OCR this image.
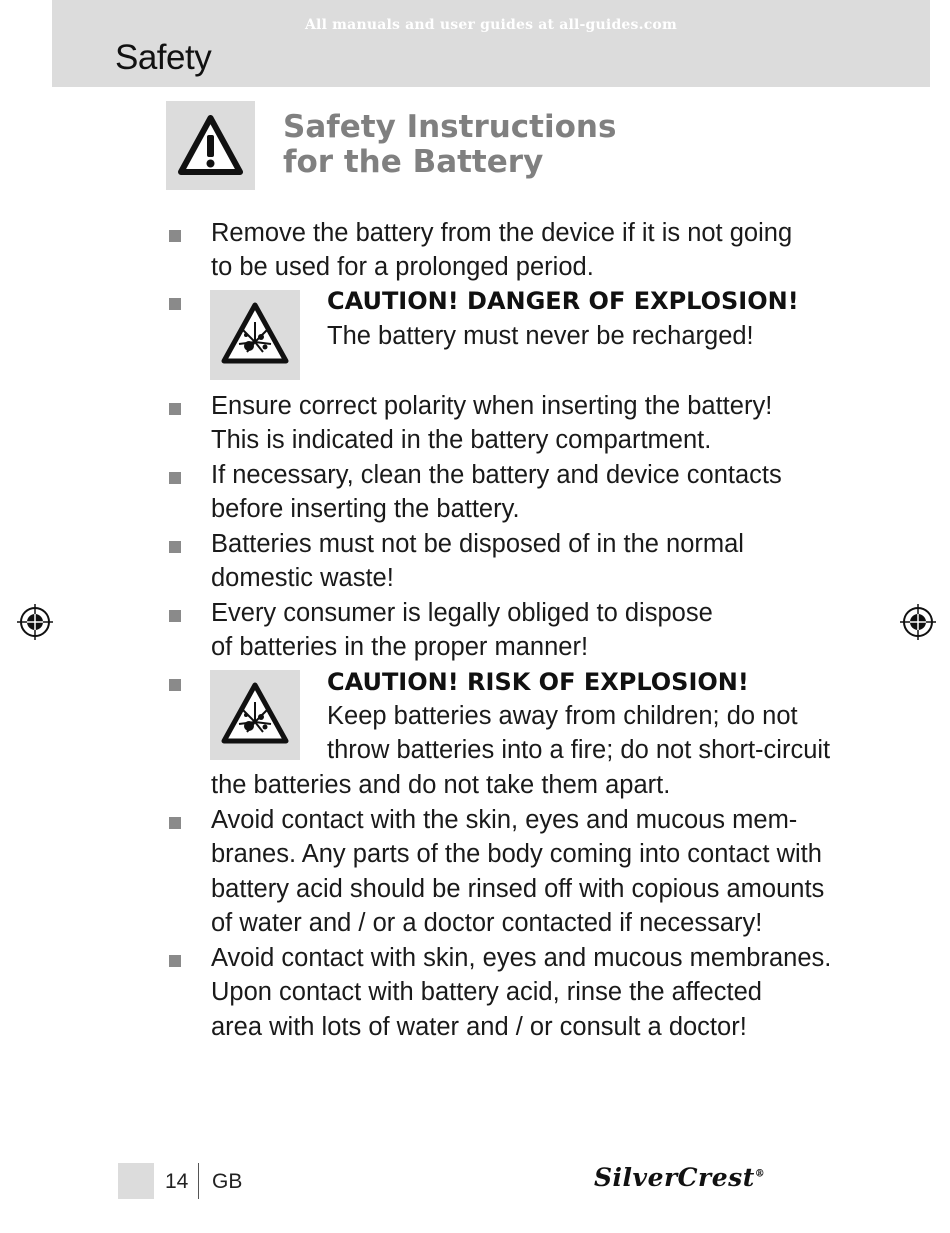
All manuals and user guides at all-guides.com
Safety
Safety Instructions
for the Battery
Remove the battery from the device if it is not going
to be used for a prolonged period.
CAUTION! DANGER OF EXPLOSION!
The battery must never be recharged!
Ensure correct polarity when inserting the battery!
This is indicated in the battery compartment.
If necessary, clean the battery and device contacts
before inserting the battery.
Batteries must not be disposed of in the normal
domestic waste!
Every consumer is legally obliged to dispose
of batteries in the proper manner!
CAUTION! RISK OF EXPLOSION!
Keep batteries away from children; do not
throw batteries into a fire; do not short-circuit
the batteries and do not take them apart.
Avoid contact with the skin, eyes and mucous mem-
branes. Any parts of the body coming into contact with
battery acid should be rinsed off with copious amounts
of water and / or a doctor contacted if necessary!
Avoid contact with skin, eyes and mucous membranes.
Upon contact with battery acid, rinse the affected
area with lots of water and / or consult a doctor!
14 GB	SilverCrest®
